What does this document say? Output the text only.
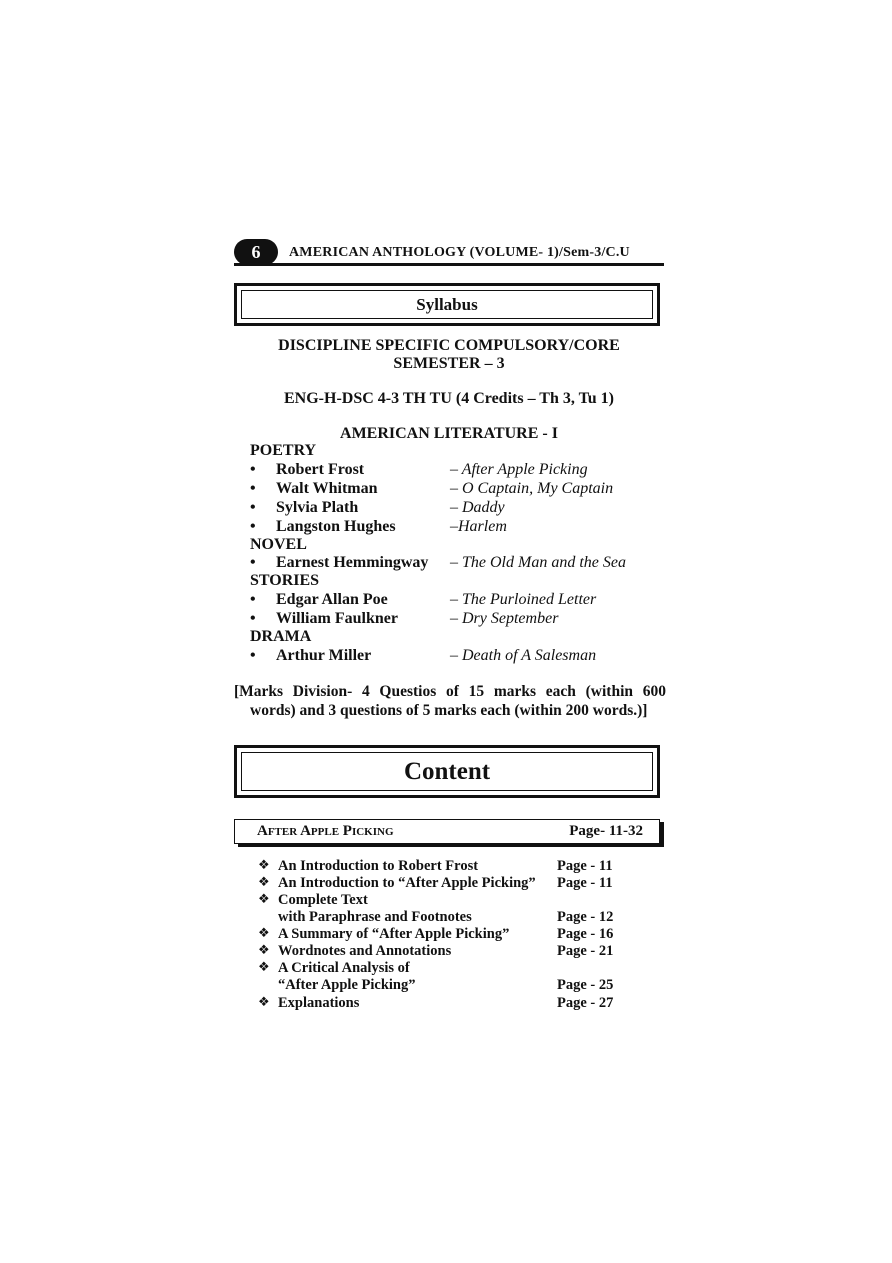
6	AMERICAN ANTHOLOGY (VOLUME- 1)/Sem-3/C.U
Syllabus
DISCIPLINE SPECIFIC COMPULSORY/CORE
SEMESTER – 3
ENG-H-DSC 4-3 TH TU (4 Credits – Th 3, Tu 1)
AMERICAN LITERATURE - I
POETRY
• Robert Frost	– After Apple Picking
• Walt Whitman	– O Captain, My Captain
• Sylvia Plath	– Daddy
• Langston Hughes	–Harlem
NOVEL
• Earnest Hemmingway – The Old Man and the Sea
STORIES
• Edgar Allan Poe	– The Purloined Letter
• William Faulkner	– Dry September
DRAMA
• Arthur Miller	– Death of A Salesman
[Marks Division- 4 Questios of 15 marks each (within 600
words) and 3 questions of 5 marks each (within 200 words.)]
Content
After Apple Picking	Page- 11-32
❖ An Introduction to Robert Frost	Page - 11
❖ An Introduction to “After Apple Picking” Page - 11
❖ Complete Text
with Paraphrase and Footnotes	Page - 12
❖ A Summary of “After Apple Picking”	Page - 16
❖ Wordnotes and Annotations	Page - 21
❖ A Critical Analysis of
“After Apple Picking”	Page - 25
❖ Explanations	Page - 27
